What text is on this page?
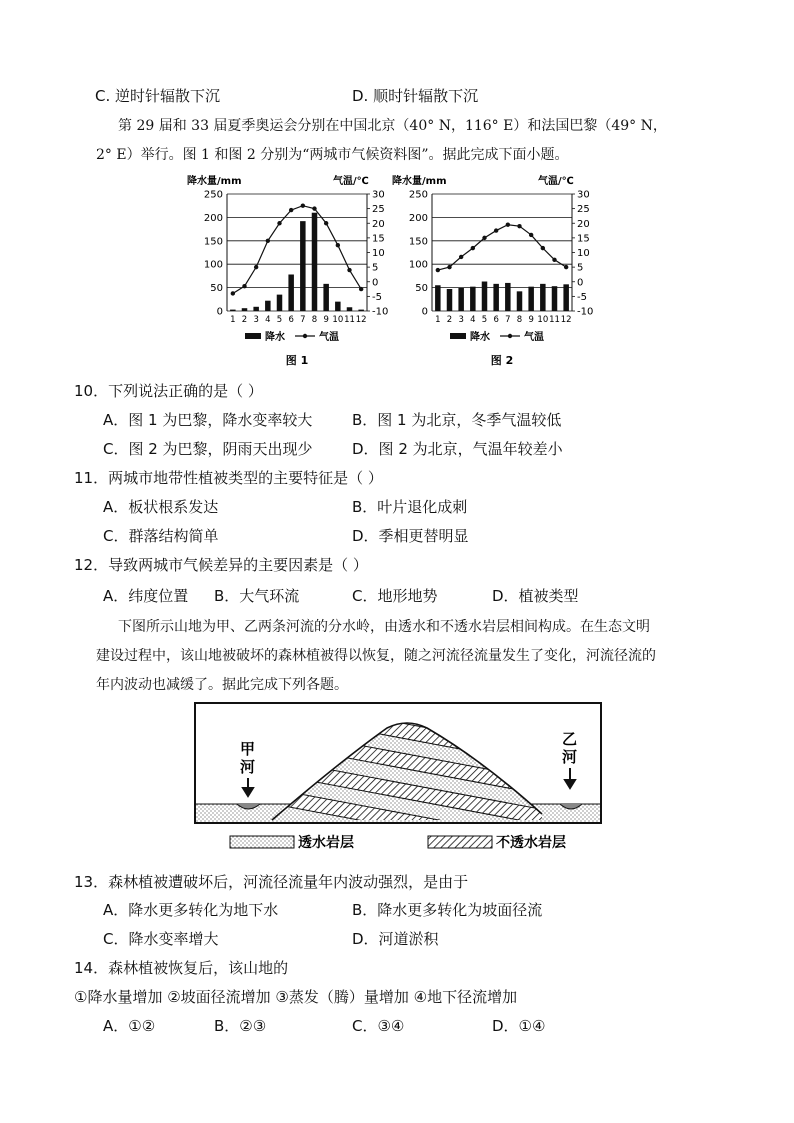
C. 逆时针辐散下沉	D. 顺时针辐散下沉
第 29 届和 33 届夏季奥运会分别在中国北京（40° N，116° E）和法国巴黎（49° N，
2° E）举行。图 1 和图 2 分别为“两城市气候资料图”。据此完成下面小题。
降水量/mm	气温/℃
250
200
150
100
50
0
30
25
20
15
10
5
0
-5
-10
1 2 3 4 5 6 7 8 9 10 11 12
降水	气温
图 1
降水量/mm	气温/℃
250
200
150
100
50
0
30
25
20
15
10
5
0
-5
-10
1 2 3 4 5 6 7 8 9 10 11 12
降水	气温
图 2
10．下列说法正确的是（ ）
A．图 1 为巴黎，降水变率较大	B．图 1 为北京，冬季气温较低
C．图 2 为巴黎，阴雨天出现少	D．图 2 为北京，气温年较差小
11．两城市地带性植被类型的主要特征是（ ）
A．板状根系发达	B．叶片退化成刺
C．群落结构简单	D．季相更替明显
12．导致两城市气候差异的主要因素是（ ）
A．纬度位置 B．大气环流	C．地形地势	D．植被类型
下图所示山地为甲、乙两条河流的分水岭，由透水和不透水岩层相间构成。在生态文明
建设过程中，该山地被破坏的森林植被得以恢复，随之河流径流量发生了变化，河流径流的
年内波动也减缓了。据此完成下列各题。
甲
河
乙
河
透水岩层	不透水岩层
13．森林植被遭破坏后，河流径流量年内波动强烈，是由于
A．降水更多转化为地下水	B．降水更多转化为坡面径流
C．降水变率增大	D．河道淤积
14．森林植被恢复后，该山地的
①降水量增加 ②坡面径流增加 ③蒸发（腾）量增加 ④地下径流增加
A．①②	B．②③	C．③④	D．①④
